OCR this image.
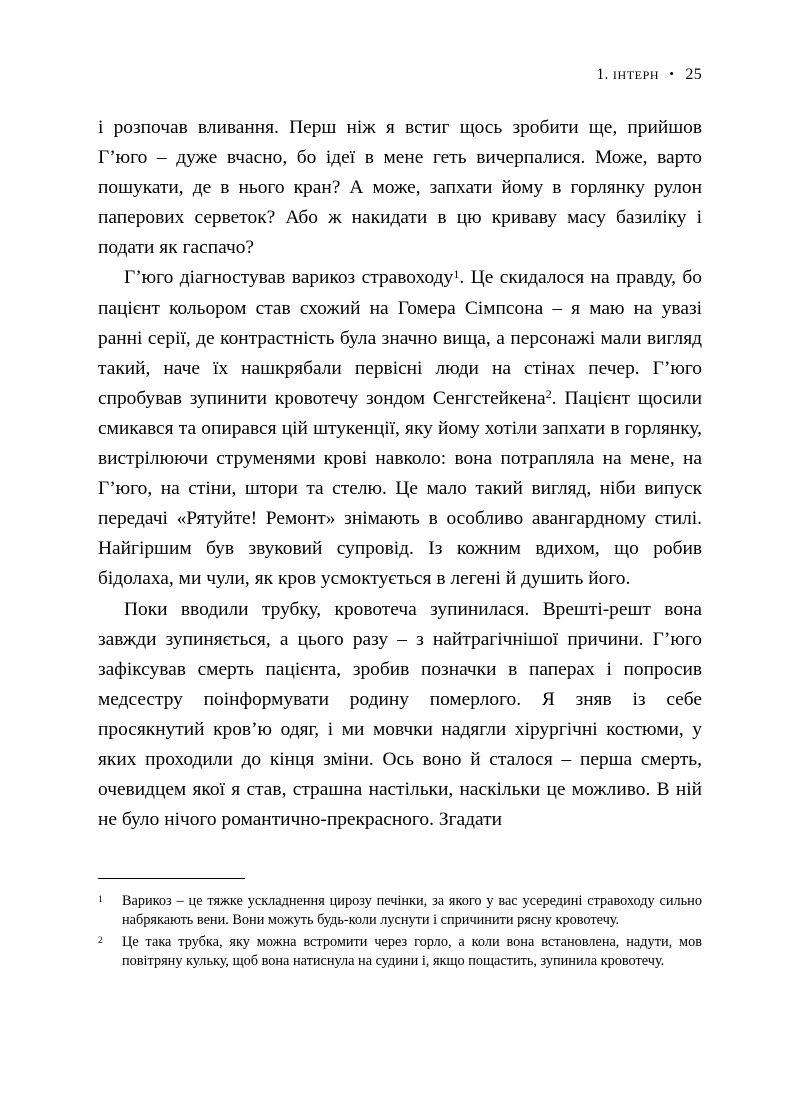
1. інтерн • 25

і розпочав вливання. Перш ніж я встиг щось зробити ще, прийшов Гʼюго – дуже вчасно, бо ідеї в мене геть вичерпалися. Може, варто пошукати, де в нього кран? А може, запхати йому в горлянку рулон паперових серветок? Або ж накидати в цю криваву масу базиліку і подати як гаспачо?

Гʼюго діагностував варикоз стравоходу$^1$. Це скидалося на правду, бо пацієнт кольором став схожий на Гомера Сімпсона – я маю на увазі ранні серії, де контрастність була значно вища, а персонажі мали вигляд такий, наче їх нашкрябали первісні люди на стінах печер. Гʼюго спробував зупинити кровотечу зондом Сенгстейкена$^2$. Пацієнт щосили смикався та опирався цій штукенції, яку йому хотіли запхати в горлянку, вистрілюючи струменями крові навколо: вона потрапляла на мене, на Гʼюго, на стіни, штори та стелю. Це мало такий вигляд, ніби випуск передачі «Рятуйте! Ремонт» знімають в особливо авангардному стилі. Найгіршим був звуковий супровід. Із кожним вдихом, що робив бідолаха, ми чули, як кров усмоктується в легені й душить його.

Поки вводили трубку, кровотеча зупинилася. Врешті-решт вона завжди зупиняється, а цього разу – з найтрагічнішої причини. Гʼюго зафіксував смерть пацієнта, зробив позначки в паперах і попросив медсестру поінформувати родину померлого. Я зняв із себе просякнутий кровʼю одяг, і ми мовчки надягли хірургічні костюми, у яких проходили до кінця зміни. Ось воно й сталося – перша смерть, очевидцем якої я став, страшна настільки, наскільки це можливо. В ній не було нічого романтично-прекрасного. Згадати

1 Варикоз – це тяжке ускладнення цирозу печінки, за якого у вас усередині стравоходу сильно набрякають вени. Вони можуть будь-коли луснути і спричинити рясну кровотечу.
2 Це така трубка, яку можна встромити через горло, а коли вона встановлена, надути, мов повітряну кульку, щоб вона натиснула на судини і, якщо пощастить, зупинила кровотечу.
